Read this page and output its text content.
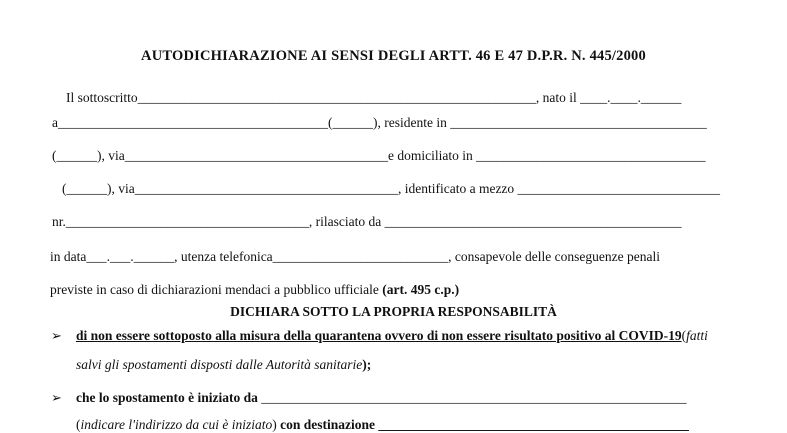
AUTODICHIARAZIONE AI SENSI DEGLI ARTT. 46 E 47 D.P.R. N. 445/2000
Il sottoscritto___________________________________________________________, nato il ____.____.______
a________________________________________(______), residente in ______________________________________
(______), via_______________________________________e domiciliato in __________________________________
(______), via_______________________________________, identificato a mezzo ______________________________
nr.____________________________________, rilasciato da ____________________________________________
in data___.___.______, utenza telefonica__________________________, consapevole delle conseguenze penali
previste in caso di dichiarazioni mendaci a pubblico ufficiale (art. 495 c.p.)
DICHIARA SOTTO LA PROPRIA RESPONSABILITÀ
➢ di non essere sottoposto alla misura della quarantena ovvero di non essere risultato positivo al COVID-19(fatti
salvi gli spostamenti disposti dalle Autorità sanitarie);
➢ che lo spostamento è iniziato da _______________________________________________________________
(indicare l'indirizzo da cui è iniziato) con destinazione ______________________________________________
